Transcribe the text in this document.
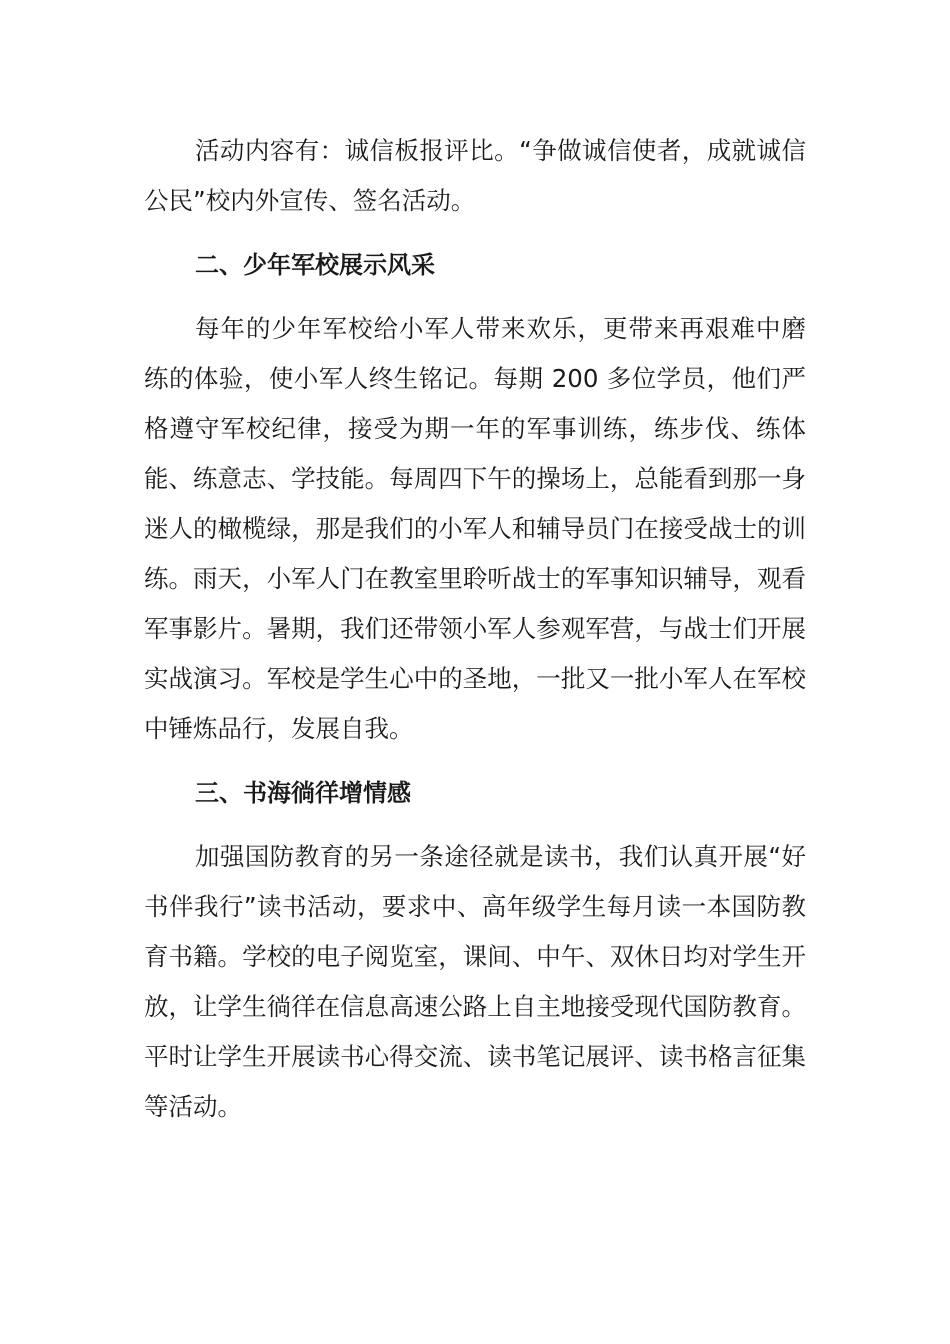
活动内容有：诚信板报评比。“争做诚信使者，成就诚信公民”校内外宣传、签名活动。

二、少年军校展示风采

每年的少年军校给小军人带来欢乐，更带来再艰难中磨练的体验，使小军人终生铭记。每期 200 多位学员，他们严格遵守军校纪律，接受为期一年的军事训练，练步伐、练体能、练意志、学技能。每周四下午的操场上，总能看到那一身迷人的橄榄绿，那是我们的小军人和辅导员门在接受战士的训练。雨天，小军人门在教室里聆听战士的军事知识辅导，观看军事影片。暑期，我们还带领小军人参观军营，与战士们开展实战演习。军校是学生心中的圣地，一批又一批小军人在军校中锤炼品行，发展自我。

三、书海徜徉增情感

加强国防教育的另一条途径就是读书，我们认真开展“好书伴我行”读书活动，要求中、高年级学生每月读一本国防教育书籍。学校的电子阅览室，课间、中午、双休日均对学生开放，让学生徜徉在信息高速公路上自主地接受现代国防教育。平时让学生开展读书心得交流、读书笔记展评、读书格言征集等活动。
